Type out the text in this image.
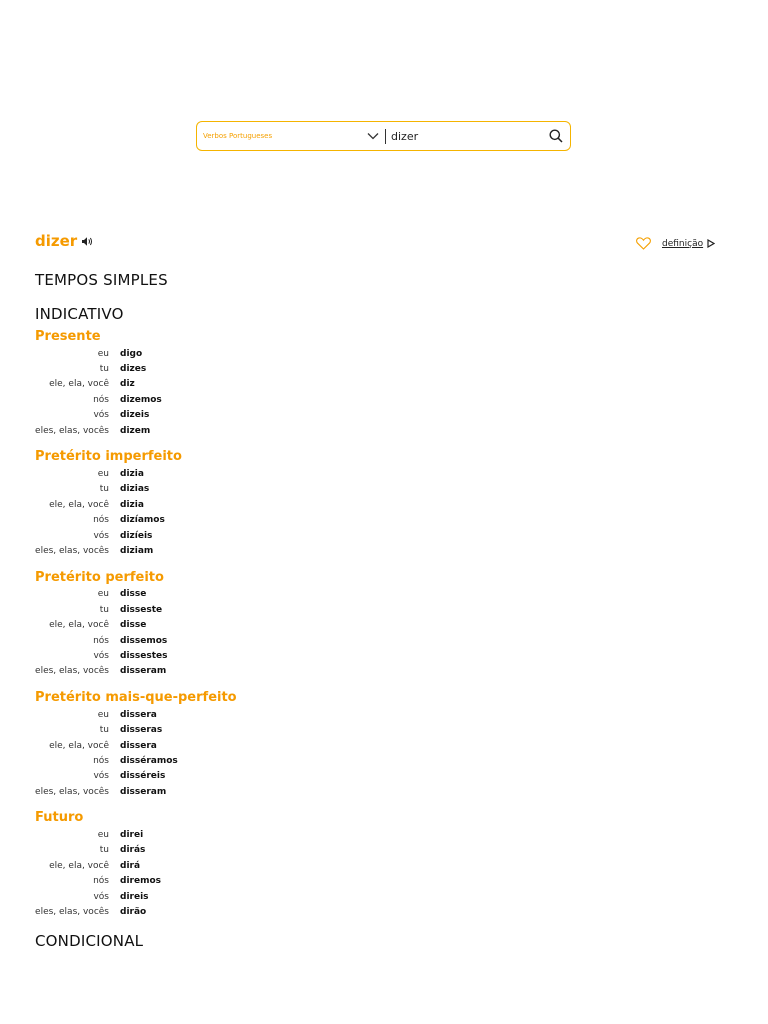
Verbos Portugueses
dizer
dizer	definição
TEMPOS SIMPLES
INDICATIVO
Presente
eu digo
tu dizes
ele, ela, você diz
nós dizemos
vós dizeis
eles, elas, vocês dizem
Pretérito imperfeito
eu dizia
tu dizias
ele, ela, você dizia
nós dizíamos
vós dizíeis
eles, elas, vocês diziam
Pretérito perfeito
eu disse
tu disseste
ele, ela, você disse
nós dissemos
vós dissestes
eles, elas, vocês disseram
Pretérito mais-que-perfeito
eu dissera
tu disseras
ele, ela, você dissera
nós disséramos
vós disséreis
eles, elas, vocês disseram
Futuro
eu direi
tu dirás
ele, ela, você dirá
nós diremos
vós direis
eles, elas, vocês dirão
CONDICIONAL
